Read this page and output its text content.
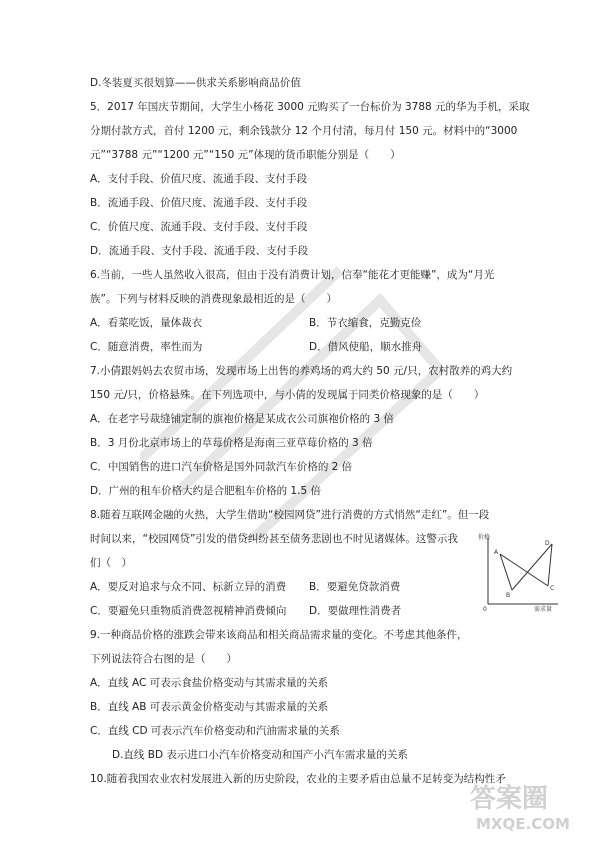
D.冬装夏买很划算——供求关系影响商品价值
5．2017 年国庆节期间，大学生小杨花 3000 元购买了一台标价为 3788 元的华为手机，采取
分期付款方式，首付 1200 元，剩余钱款分 12 个月付清，每月付 150 元。材料中的“3000
元”“3788 元”“1200 元”“150 元”体现的货币职能分别是（　　）
A．支付手段、价值尺度、流通手段、支付手段
B．流通手段、价值尺度、流通手段、支付手段
C．价值尺度、流通手段、支付手段、支付手段
D．流通手段、支付手段、流通手段、支付手段
6.当前，一些人虽然收入很高，但由于没有消费计划，信奉“能花才更能赚”，成为“月光
族”。下列与材料反映的消费现象最相近的是（　　）
A．看菜吃饭，量体裁衣	B．节衣缩食，克勤克俭
C．随意消费，率性而为	D．借风使船，顺水推舟
7.小倩跟妈妈去农贸市场，发现市场上出售的养鸡场的鸡大约 50 元/只，农村散养的鸡大约
150 元/只，价格悬殊。在下列选项中，与小倩的发现属于同类价格现象的是（　　）
A．在老字号裁缝铺定制的旗袍价格是某成衣公司旗袍价格的 3 倍
B．3 月份北京市场上的草莓价格是海南三亚草莓价格的 3 倍
C．中国销售的进口汽车价格是国外同款汽车价格的 2 倍
D．广州的租车价格大约是合肥租车价格的 1.5 倍
8.随着互联网金融的火热，大学生借助“校园网贷”进行消费的方式悄然“走红”。但一段
时间以来，“校园网贷”引发的借贷纠纷甚至债务悲剧也不时见诸媒体。这警示我
们（　）
A．要反对追求与众不同、标新立异的消费 B．要避免贷款消费
C．要避免只重物质消费忽视精神消费倾向 D．要做理性消费者
9.一种商品价格的涨跌会带来该商品和相关商品需求量的变化。不考虑其他条件，
下列说法符合右图的是（　　）
A．直线 AC 可表示食盐价格变动与其需求量的关系
B．直线 AB 可表示黄金价格变动与其需求量的关系
C．直线 CD 可表示汽车价格变动和汽油需求量的关系
D.直线 BD 表示进口小汽车价格变动和国产小汽车需求量的关系
10.随着我国农业农村发展进入新的历史阶段，农业的主要矛盾由总量不足转变为结构性矛
价格
需求量
0
A
B
C
D
答案圈
MXQE.COM
